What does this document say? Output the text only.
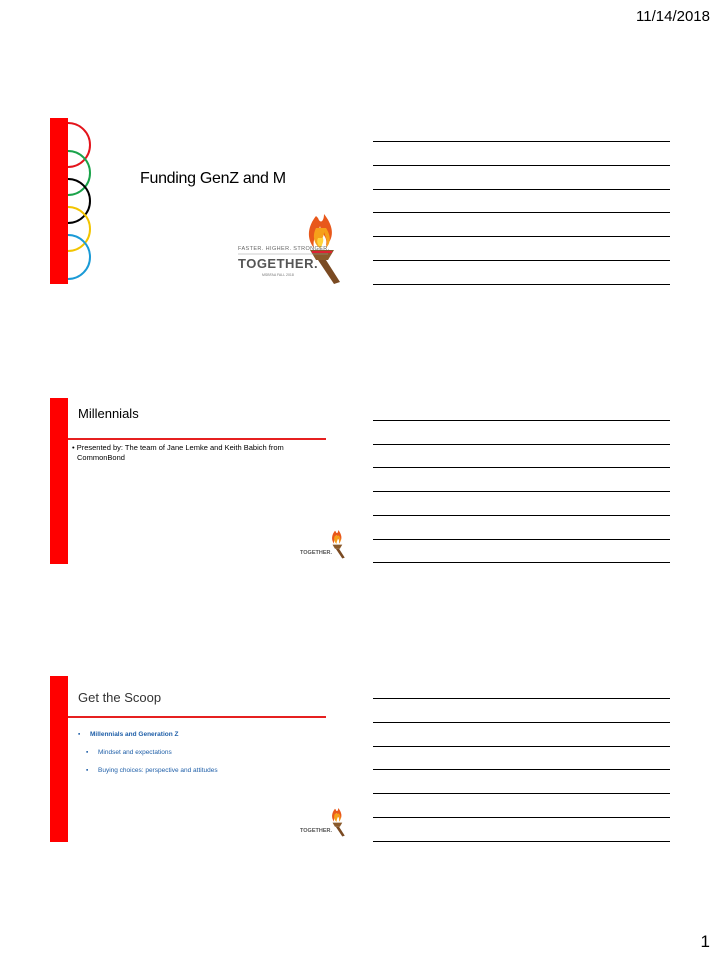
11/14/2018
Funding GenZ and M
FASTER. HIGHER. STRONGER.
TOGETHER.
MSBFAA FALL 2018
Millennials
• Presented by: The team of Jane Lemke and Keith Babich from
CommonBond
TOGETHER.
Get the Scoop
▪ Millennials and Generation Z
▪ Mindset and expectations
▪ Buying choices: perspective and attitudes
TOGETHER.
1
